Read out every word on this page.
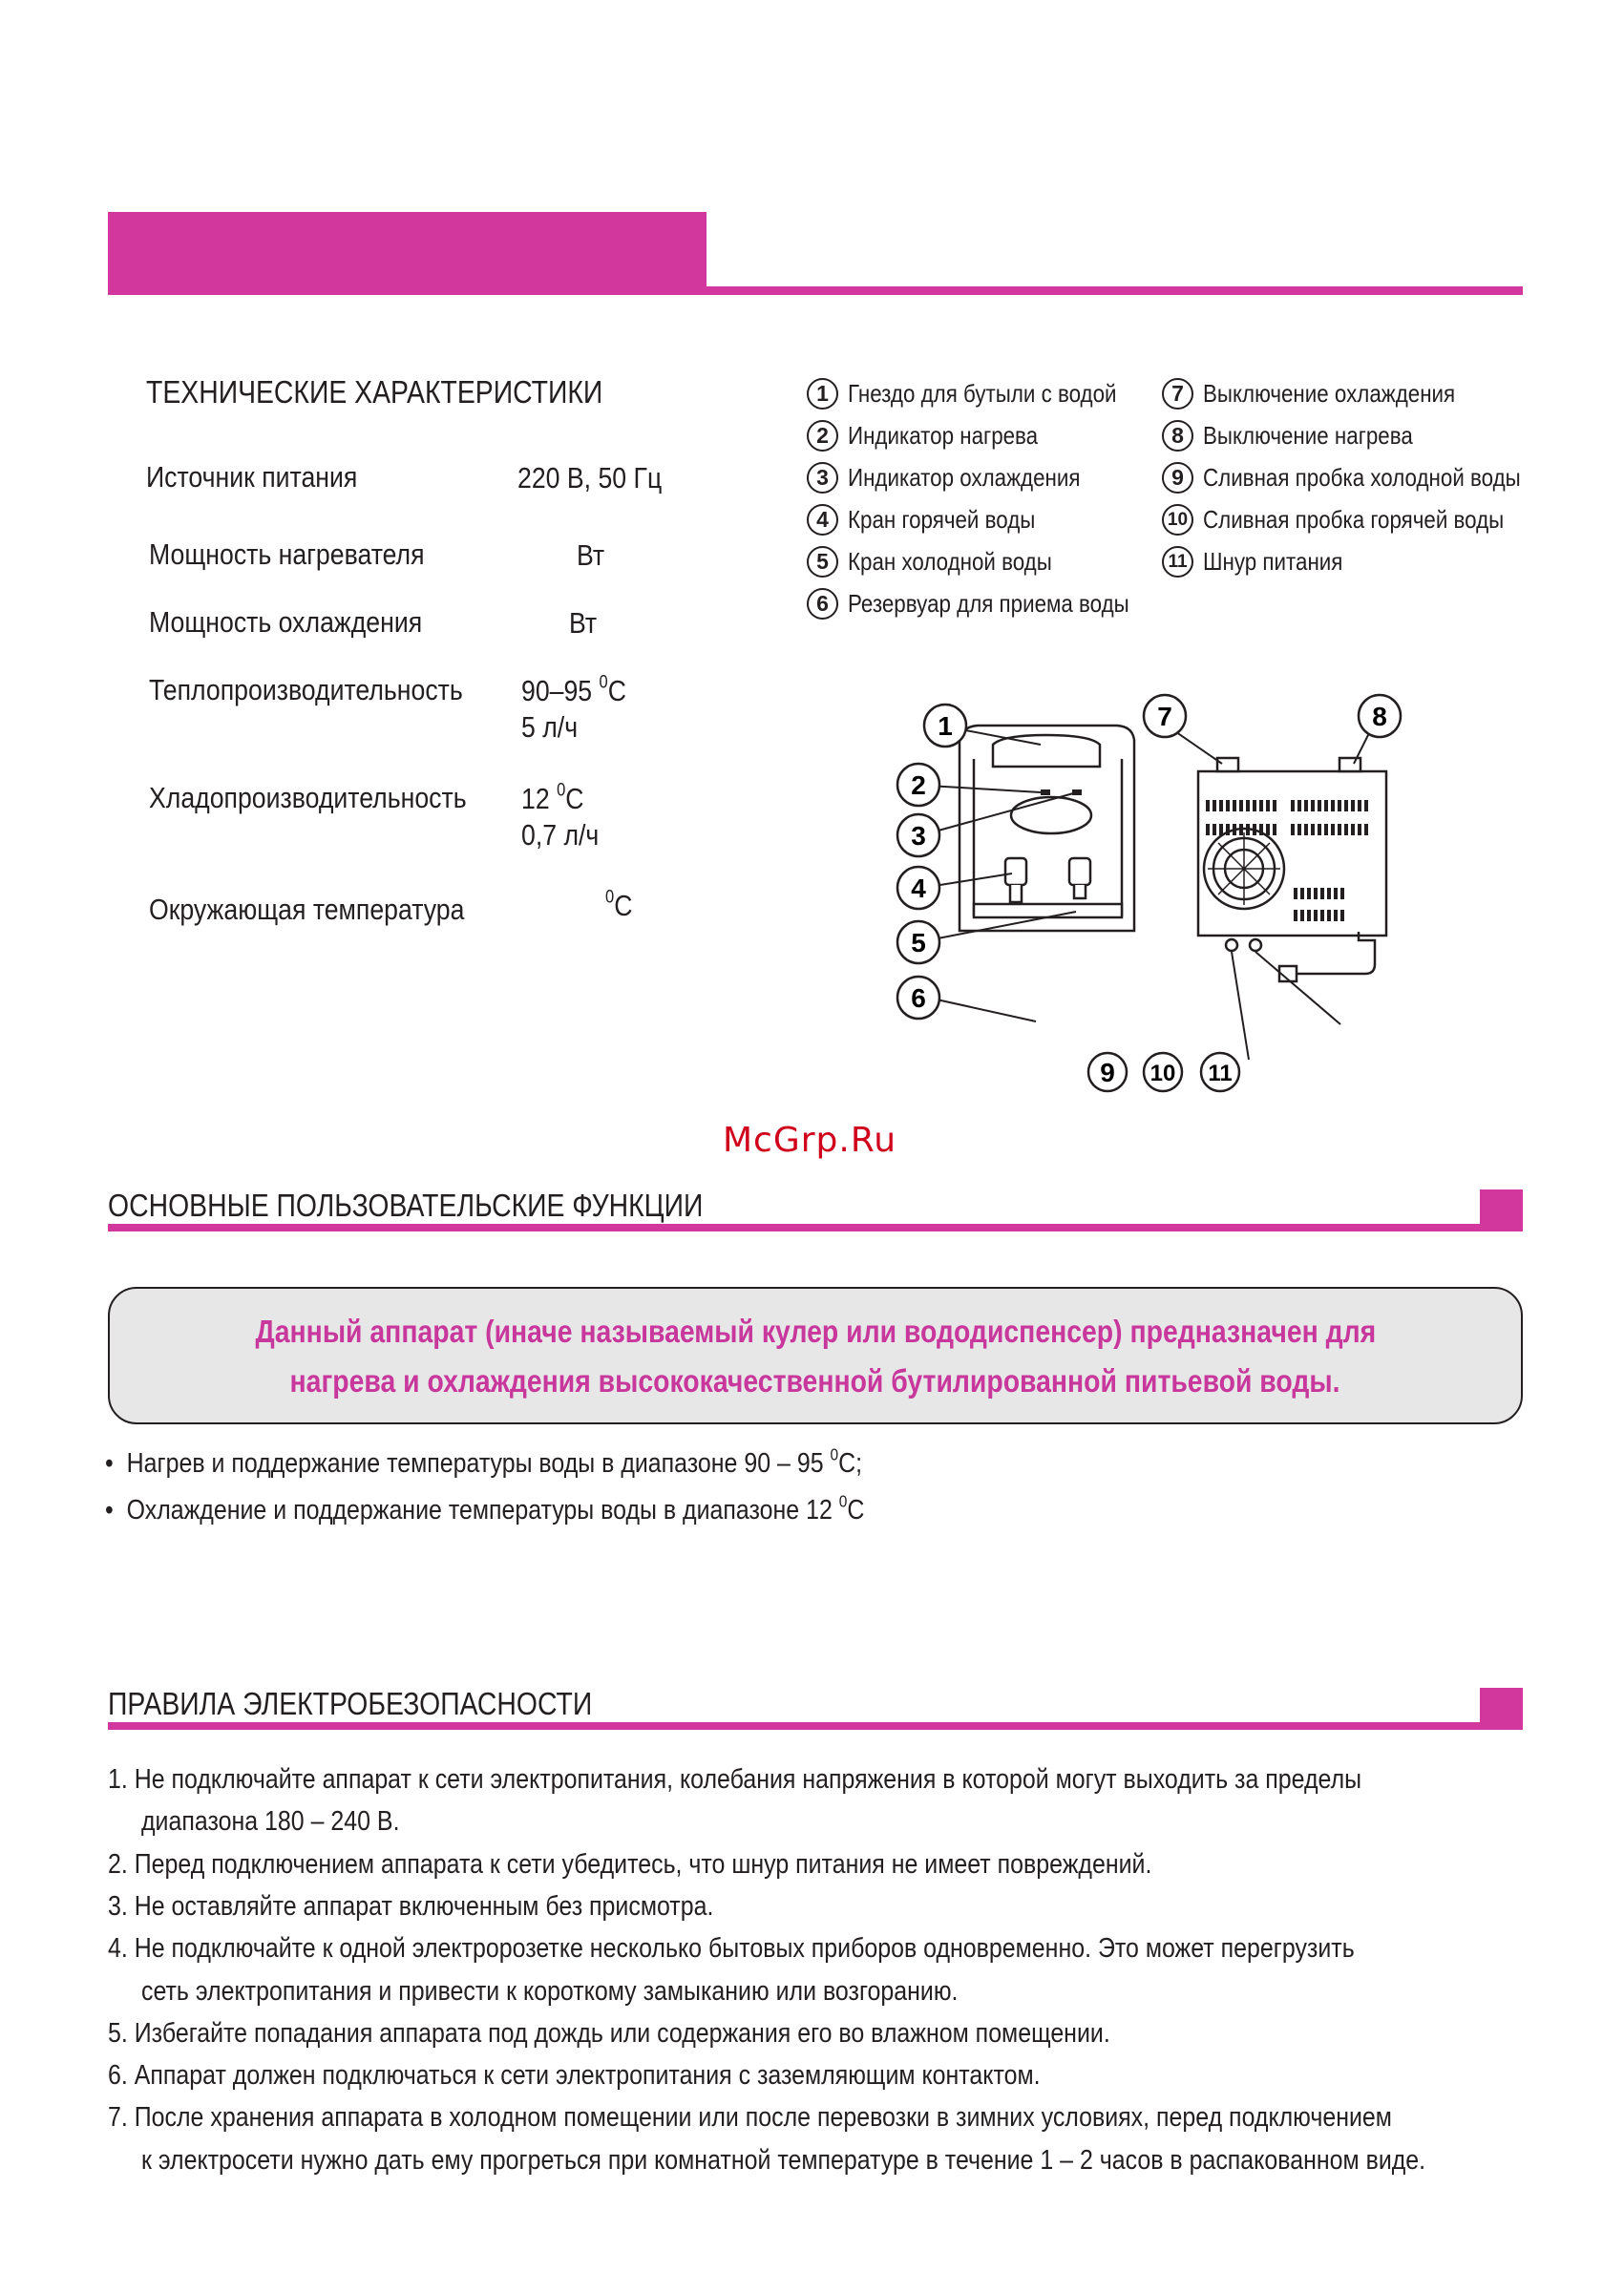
ТЕХНИЧЕСКИЕ ХАРАКТЕРИСТИКИ
Источник питания	220 В, 50 Гц
Мощность нагревателя	Вт
Мощность охлаждения	Вт
Теплопроизводительность 90–95 $^0$С
5 л/ч
Хладопроизводительность 12 $^0$С
0,7 л/ч
Окружающая температура	$^0$С
1 Гнездо для бутыли с водой
2 Индикатор нагрева
3 Индикатор охлаждения
4 Кран горячей воды
5 Кран холодной воды
6 Резервуар для приема воды
7 Выключение охлаждения
8 Выключение нагрева
9 Сливная пробка холодной воды
10 Сливная пробка горячей воды
11 Шнур питания
1
2
3
4
5
6
7	8
9 10 11
McGrp.Ru
ОСНОВНЫЕ ПОЛЬЗОВАТЕЛЬСКИЕ ФУНКЦИИ
Данный аппарат (иначе называемый кулер или вододиспенсер) предназначен для
нагрева и охлаждения высококачественной бутилированной питьевой воды.
•  Нагрев и поддержание температуры воды в диапазоне 90 – 95 $^0$С;
•  Охлаждение и поддержание температуры воды в диапазоне 12 $^0$С
ПРАВИЛА ЭЛЕКТРОБЕЗОПАСНОСТИ
1. Не подключайте аппарат к сети электропитания, колебания напряжения в которой могут выходить за пределы
диапазона 180 – 240 В.
2. Перед подключением аппарата к сети убедитесь, что шнур питания не имеет повреждений.
3. Не оставляйте аппарат включенным без присмотра.
4. Не подключайте к одной электророзетке несколько бытовых приборов одновременно. Это может перегрузить
сеть электропитания и привести к короткому замыканию или возгоранию.
5. Избегайте попадания аппарата под дождь или содержания его во влажном помещении.
6. Аппарат должен подключаться к сети электропитания с заземляющим контактом.
7. После хранения аппарата в холодном помещении или после перевозки в зимних условиях, перед подключением
к электросети нужно дать ему прогреться при комнатной температуре в течение 1 – 2 часов в распакованном виде.
